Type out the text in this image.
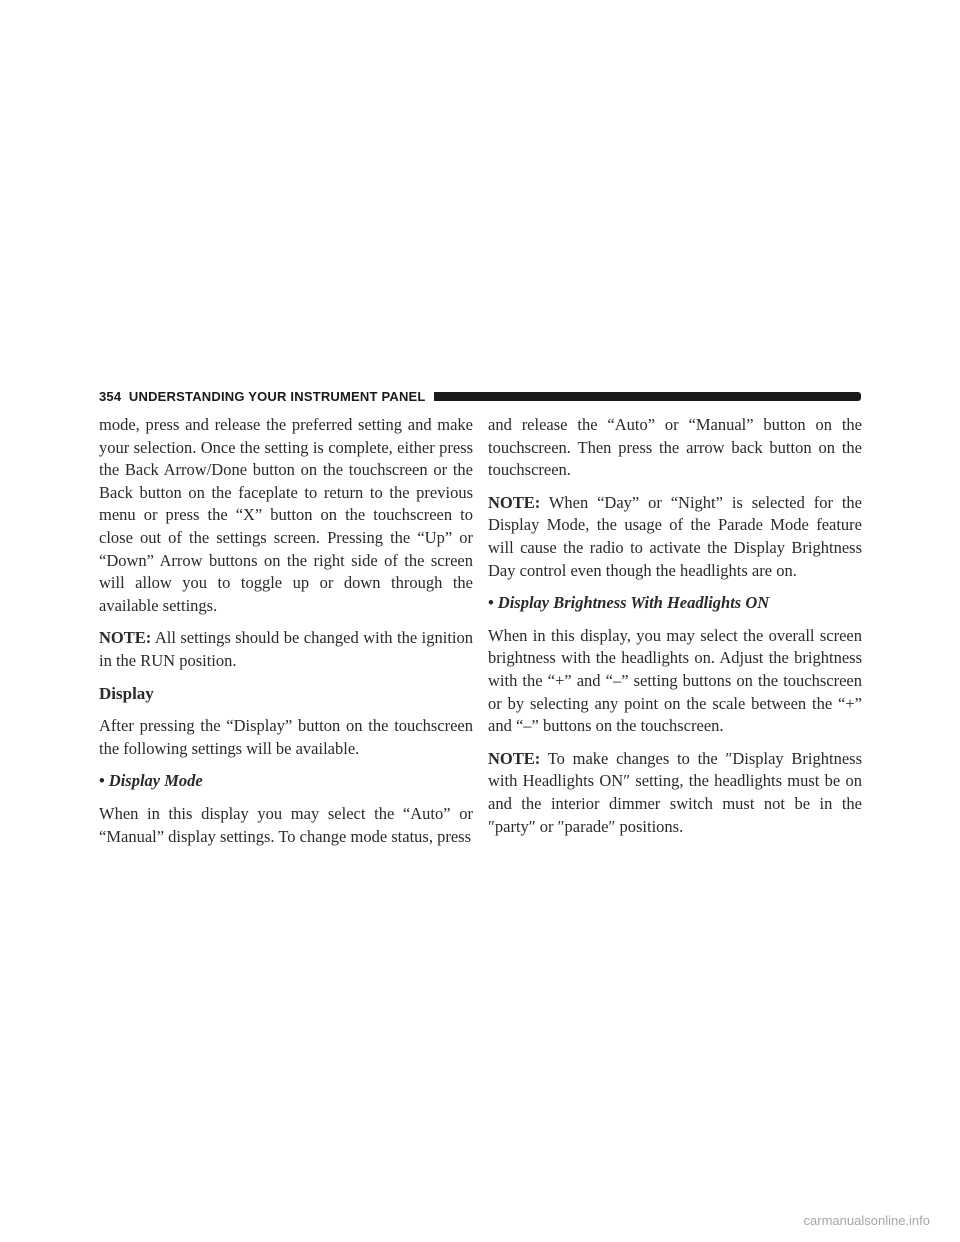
354 UNDERSTANDING YOUR INSTRUMENT PANEL

mode, press and release the preferred setting and make your selection. Once the setting is complete, either press the Back Arrow/Done button on the touchscreen or the Back button on the faceplate to return to the previous menu or press the “X” button on the touchscreen to close out of the settings screen. Pressing the “Up” or “Down” Arrow buttons on the right side of the screen will allow you to toggle up or down through the available settings.

NOTE: All settings should be changed with the ignition in the RUN position.

Display

After pressing the “Display” button on the touchscreen the following settings will be available.

• Display Mode

When in this display you may select the “Auto” or “Manual” display settings. To change mode status, press

and release the “Auto” or “Manual” button on the touchscreen. Then press the arrow back button on the touchscreen.

NOTE: When “Day” or “Night” is selected for the Display Mode, the usage of the Parade Mode feature will cause the radio to activate the Display Brightness Day control even though the headlights are on.

• Display Brightness With Headlights ON

When in this display, you may select the overall screen brightness with the headlights on. Adjust the brightness with the “+” and “–” setting buttons on the touchscreen or by selecting any point on the scale between the “+” and “–” buttons on the touchscreen.

NOTE: To make changes to the ″Display Brightness with Headlights ON″ setting, the headlights must be on and the interior dimmer switch must not be in the ″party″ or ″parade″ positions.

carmanualsonline.info
